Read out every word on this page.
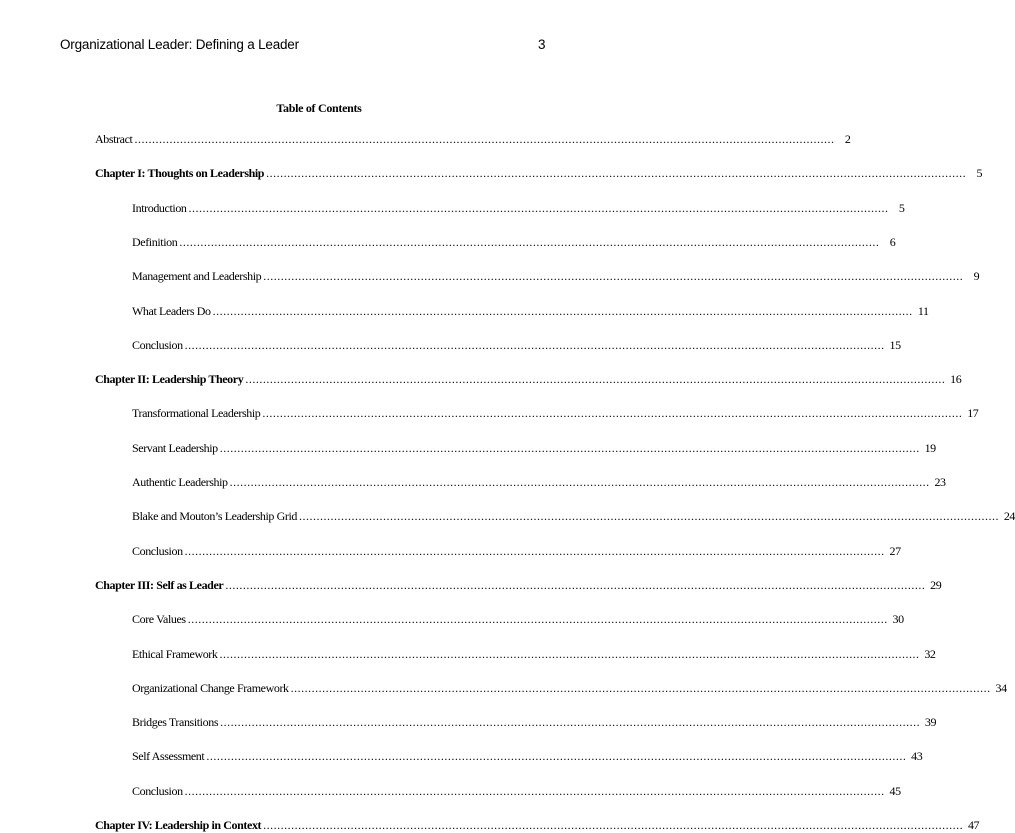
Organizational Leader: Defining a Leader	3
Table of Contents
Abstract ........................................................................................................................................................................................................ 2
Chapter I: Thoughts on Leadership ........................................................................................................................................................................................................ 5
Introduction ........................................................................................................................................................................................................ 5
Definition ........................................................................................................................................................................................................ 6
Management and Leadership ........................................................................................................................................................................................................ 9
What Leaders Do ........................................................................................................................................................................................................ 11
Conclusion ........................................................................................................................................................................................................ 15
Chapter II: Leadership Theory ........................................................................................................................................................................................................ 16
Transformational Leadership ........................................................................................................................................................................................................ 17
Servant Leadership ........................................................................................................................................................................................................ 19
Authentic Leadership ........................................................................................................................................................................................................ 23
Blake and Mouton’s Leadership Grid ........................................................................................................................................................................................................ 24
Conclusion ........................................................................................................................................................................................................ 27
Chapter III: Self as Leader ........................................................................................................................................................................................................ 29
Core Values ........................................................................................................................................................................................................ 30
Ethical Framework ........................................................................................................................................................................................................ 32
Organizational Change Framework ........................................................................................................................................................................................................ 34
Bridges Transitions ........................................................................................................................................................................................................ 39
Self Assessment ........................................................................................................................................................................................................ 43
Conclusion ........................................................................................................................................................................................................ 45
Chapter IV: Leadership in Context ........................................................................................................................................................................................................ 47
